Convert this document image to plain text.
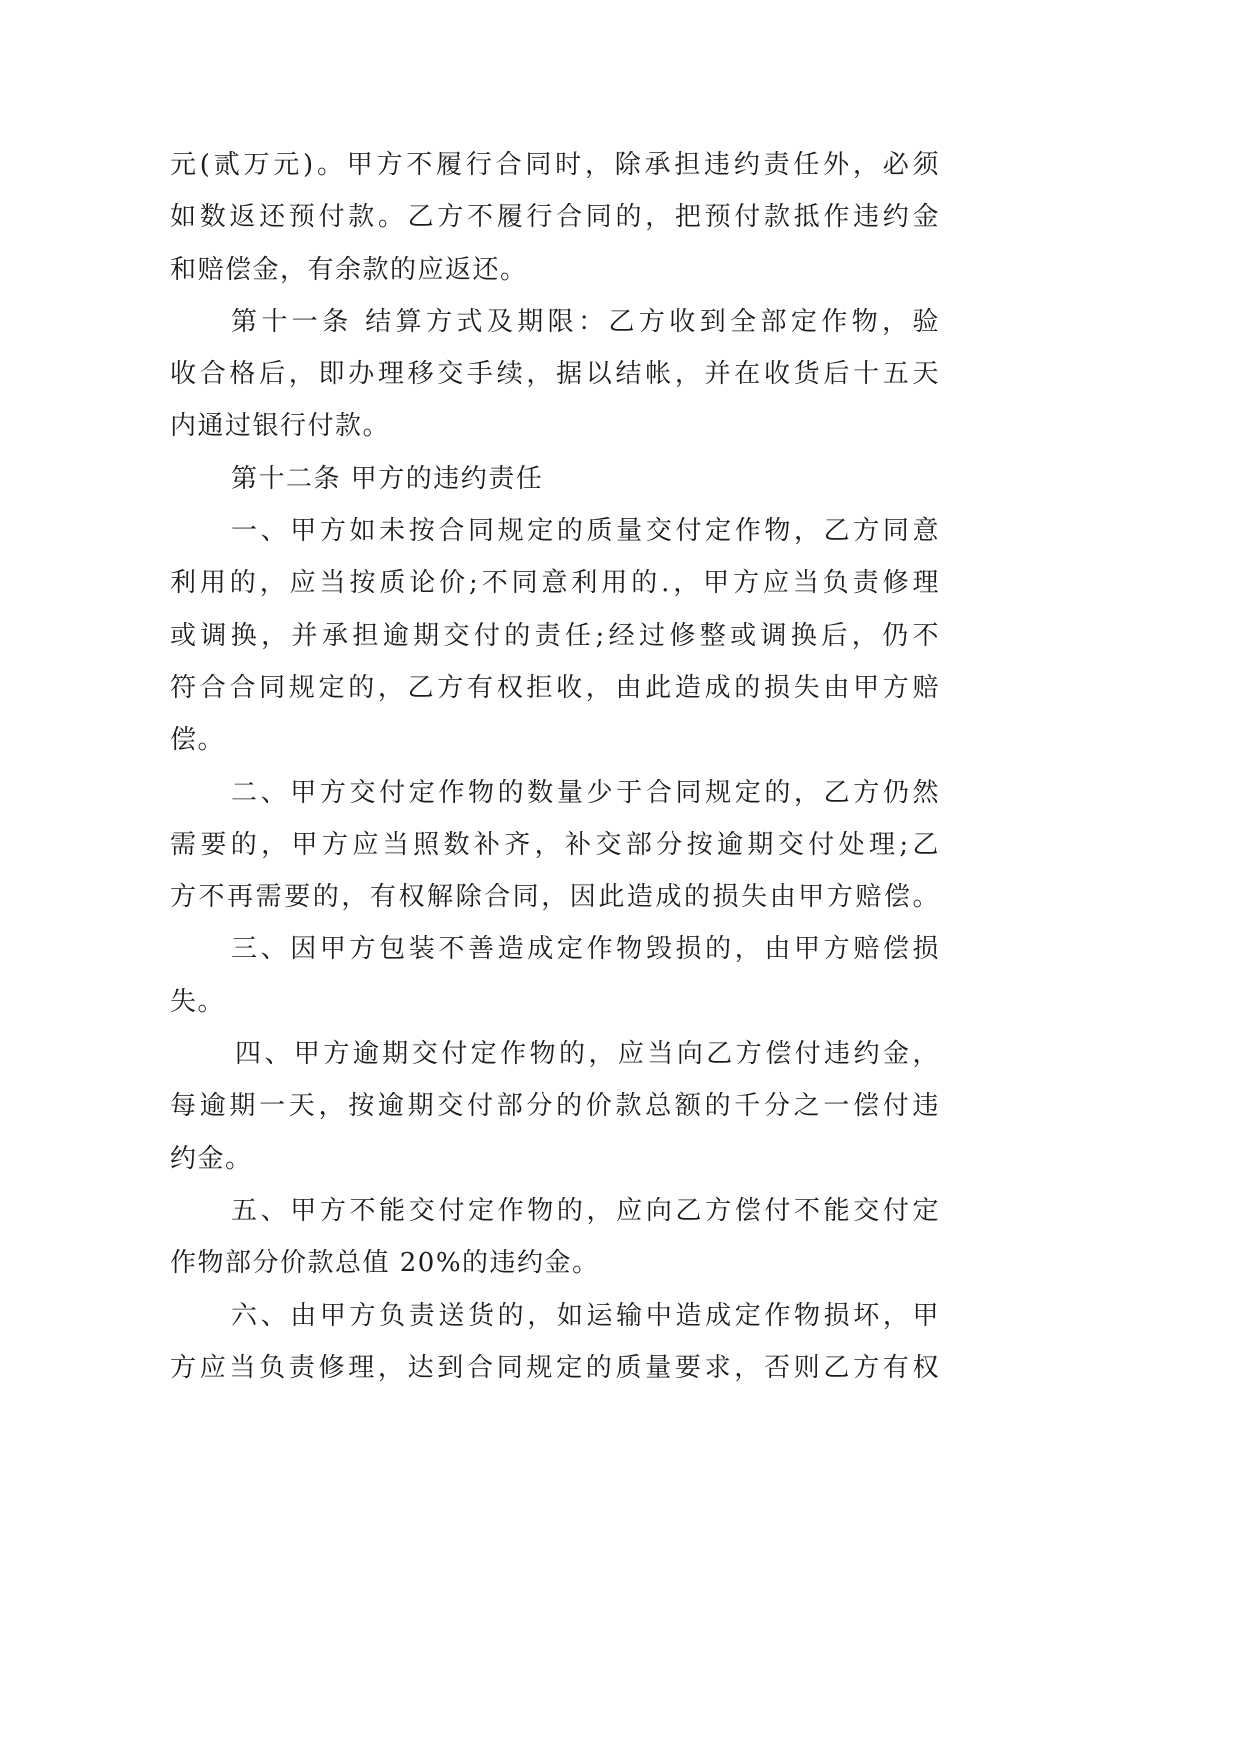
元(贰万元)。甲方不履行合同时，除承担违约责任外，必须
如数返还预付款。乙方不履行合同的，把预付款抵作违约金
和赔偿金，有余款的应返还。
第十一条 结算方式及期限：乙方收到全部定作物，验
收合格后，即办理移交手续，据以结帐，并在收货后十五天
内通过银行付款。
第十二条 甲方的违约责任
一、甲方如未按合同规定的质量交付定作物，乙方同意
利用的，应当按质论价;不同意利用的.，甲方应当负责修理
或调换，并承担逾期交付的责任;经过修整或调换后，仍不
符合合同规定的，乙方有权拒收，由此造成的损失由甲方赔
偿。
二、甲方交付定作物的数量少于合同规定的，乙方仍然
需要的，甲方应当照数补齐，补交部分按逾期交付处理;乙
方不再需要的，有权解除合同，因此造成的损失由甲方赔偿。
三、因甲方包装不善造成定作物毁损的，由甲方赔偿损
失。
四、甲方逾期交付定作物的，应当向乙方偿付违约金，
每逾期一天，按逾期交付部分的价款总额的千分之一偿付违
约金。
五、甲方不能交付定作物的，应向乙方偿付不能交付定
作物部分价款总值 20%的违约金。
六、由甲方负责送货的，如运输中造成定作物损坏，甲
方应当负责修理，达到合同规定的质量要求，否则乙方有权
